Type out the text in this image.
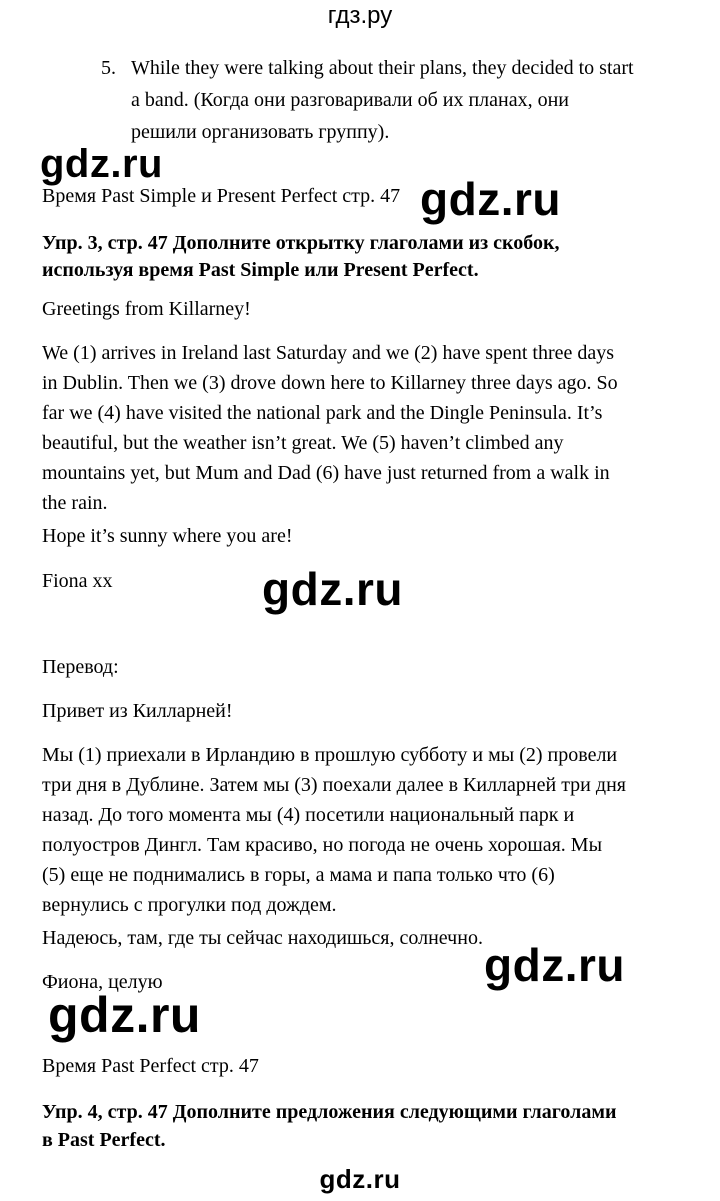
гдз.ру
5. While they were talking about their plans, they decided to start
a band. (Когда они разговаривали об их планах, они
решили организовать группу).
gdz.ru
Время Past Simple и Present Perfect стр. 47 gdz.ru
Упр. 3, стр. 47 Дополните открытку глаголами из скобок,
используя время Past Simple или Present Perfect.
Greetings from Killarney!
We (1) arrives in Ireland last Saturday and we (2) have spent three days
in Dublin. Then we (3) drove down here to Killarney three days ago. So
far we (4) have visited the national park and the Dingle Peninsula. It’s
beautiful, but the weather isn’t great. We (5) haven’t climbed any
mountains yet, but Mum and Dad (6) have just returned from a walk in
the rain.
Hope it’s sunny where you are!
Fiona xx	gdz.ru
Перевод:
Привет из Килларней!
Мы (1) приехали в Ирландию в прошлую субботу и мы (2) провели
три дня в Дублине. Затем мы (3) поехали далее в Килларней три дня
назад. До того момента мы (4) посетили национальный парк и
полуостров Дингл. Там красиво, но погода не очень хорошая. Мы
(5) еще не поднимались в горы, а мама и папа только что (6)
вернулись с прогулки под дождем.
Надеюсь, там, где ты сейчас находишься, солнечно.
gdz.ru
Фиона, целую
gdz.ru
Время Past Perfect стр. 47
Упр. 4, стр. 47 Дополните предложения следующими глаголами
в Past Perfect.
gdz.ru
